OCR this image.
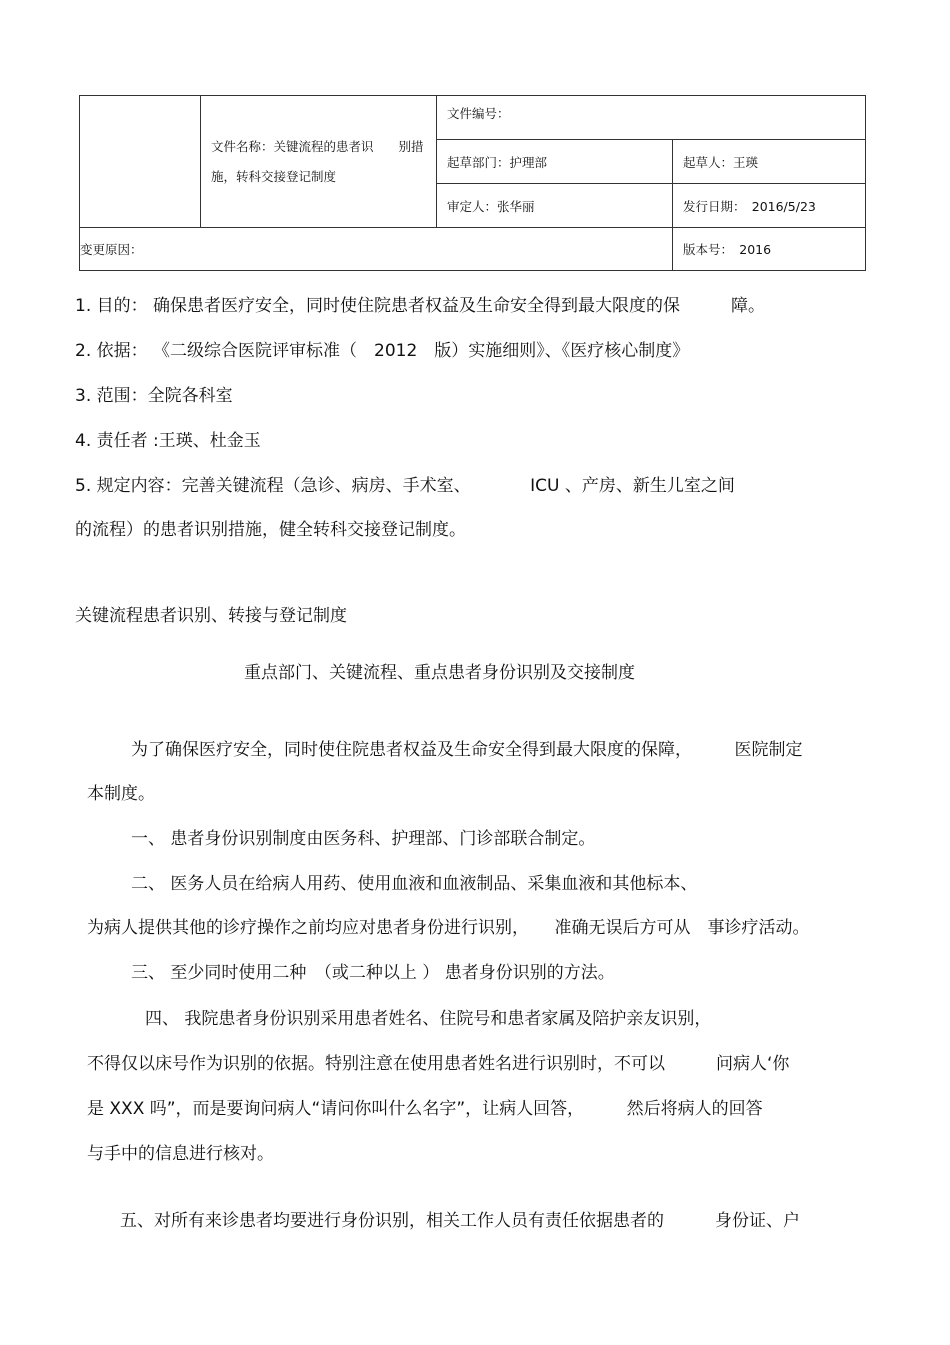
	文件名称：关键流程的患者识　　别措
施，转科交接登记制度	文件编号：	
		起草部门：护理部	起草人：王瑛
		审定人：张华丽	发行日期：　2016/5/23
变更原因：			版本号：　2016
1. 目的： 确保患者医疗安全，同时使住院患者权益及生命安全得到最大限度的保　　　障。
2. 依据： 《二级综合医院评审标准（　2012　版）实施细则》、《医疗核心制度》
3. 范围：全院各科室
4. 责任者 :王瑛、杜金玉
5. 规定内容：完善关键流程（急诊、病房、手术室、　　　　ICU 、产房、新生儿室之间
的流程）的患者识别措施，健全转科交接登记制度。
关键流程患者识别、转接与登记制度
重点部门、关键流程、重点患者身份识别及交接制度
为了确保医疗安全，同时使住院患者权益及生命安全得到最大限度的保障，　　　医院制定
本制度。
一、 患者身份识别制度由医务科、护理部、门诊部联合制定。
二、 医务人员在给病人用药、使用血液和血液制品、采集血液和其他标本、
为病人提供其他的诊疗操作之前均应对患者身份进行识别，　　准确无误后方可从　事诊疗活动。
三、 至少同时使用二种　（或二种以上 ） 患者身份识别的方法。
四、 我院患者身份识别采用患者姓名、住院号和患者家属及陪护亲友识别，
不得仅以床号作为识别的依据。特别注意在使用患者姓名进行识别时，不可以　　　问病人‘你
是 XXX 吗”，而是要询问病人“请问你叫什么名字”，让病人回答，　　　然后将病人的回答
与手中的信息进行核对。
五、对所有来诊患者均要进行身份识别，相关工作人员有责任依据患者的　　　身份证、户
